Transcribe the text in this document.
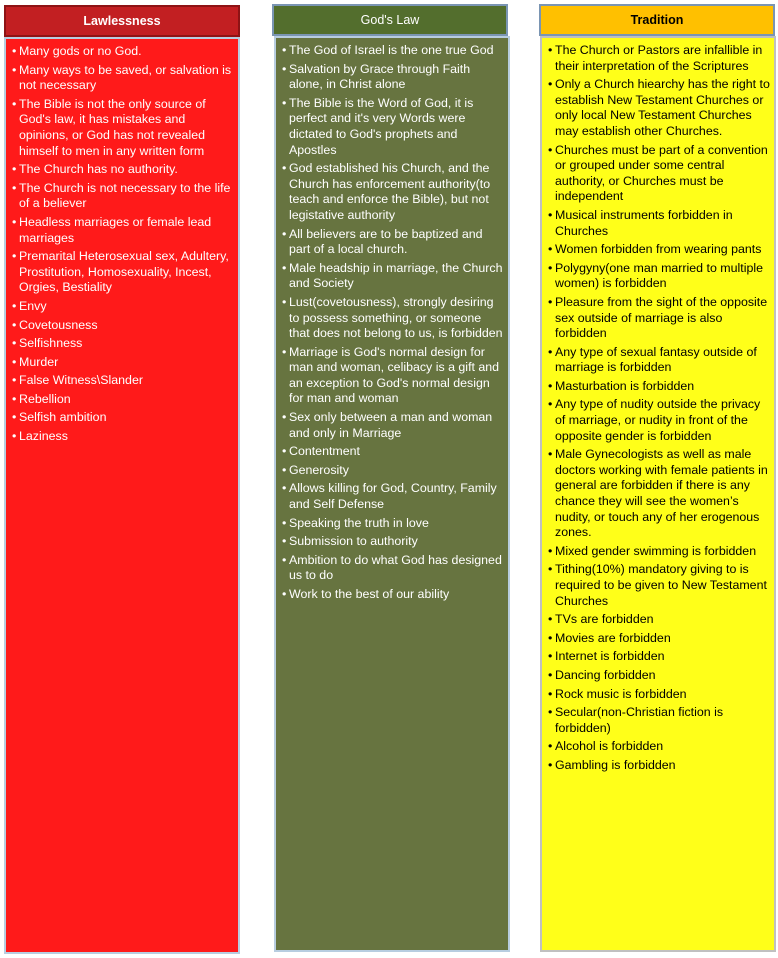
Lawlessness
• Many gods or no God.
• Many ways to be saved, or salvation is not necessary
• The Bible is not the only source of God's law, it has mistakes and opinions, or God has not revealed himself to men in any written form
• The Church has no authority.
• The Church is not necessary to the life of a believer
• Headless marriages or female lead marriages
• Premarital Heterosexual sex, Adultery, Prostitution, Homosexuality, Incest, Orgies, Bestiality
• Envy
• Covetousness
• Selfishness
• Murder
• False Witness\Slander
• Rebellion
• Selfish ambition
• Laziness
God's Law
• The God of Israel is the one true God
• Salvation by Grace through Faith alone, in Christ alone
• The Bible is the Word of God, it is perfect and it's very Words were dictated to God's prophets and Apostles
• God established his Church, and the Church has enforcement authority(to teach and enforce the Bible), but not legistative authority
• All believers are to be baptized and part of a local church.
• Male headship in marriage, the Church and Society
• Lust(covetousness), strongly desiring to possess something, or someone that does not belong to us, is forbidden
• Marriage is God's normal design for man and woman, celibacy is a gift and an exception to God's normal design for man and woman
• Sex only between a man and woman and only in Marriage
• Contentment
• Generosity
• Allows killing for God, Country, Family and Self Defense
• Speaking the truth in love
• Submission to authority
• Ambition to do what God has designed us to do
• Work to the best of our ability
Tradition
• The Church or Pastors are infallible in their interpretation of the Scriptures
• Only a Church hiearchy has the right to establish New Testament Churches or only local New Testament Churches may establish other Churches.
• Churches must be part of a convention or grouped under some central authority, or Churches must be independent
• Musical instruments forbidden in Churches
• Women forbidden from wearing pants
• Polygyny(one man married to multiple women) is forbidden
• Pleasure from the sight of the opposite sex outside of marriage is also forbidden
• Any type of sexual fantasy outside of marriage is forbidden
• Masturbation is forbidden
• Any type of nudity outside the privacy of marriage, or nudity in front of the opposite gender is forbidden
• Male Gynecologists as well as male doctors working with female patients in general are forbidden if there is any chance they will see the women’s nudity, or touch any of her erogenous zones.
• Mixed gender swimming is forbidden
• Tithing(10%) mandatory giving to is required to be given to New Testament Churches
• TVs are forbidden
• Movies are forbidden
• Internet is forbidden
• Dancing forbidden
• Rock music is forbidden
• Secular(non-Christian fiction is forbidden)
• Alcohol is forbidden
• Gambling is forbidden
